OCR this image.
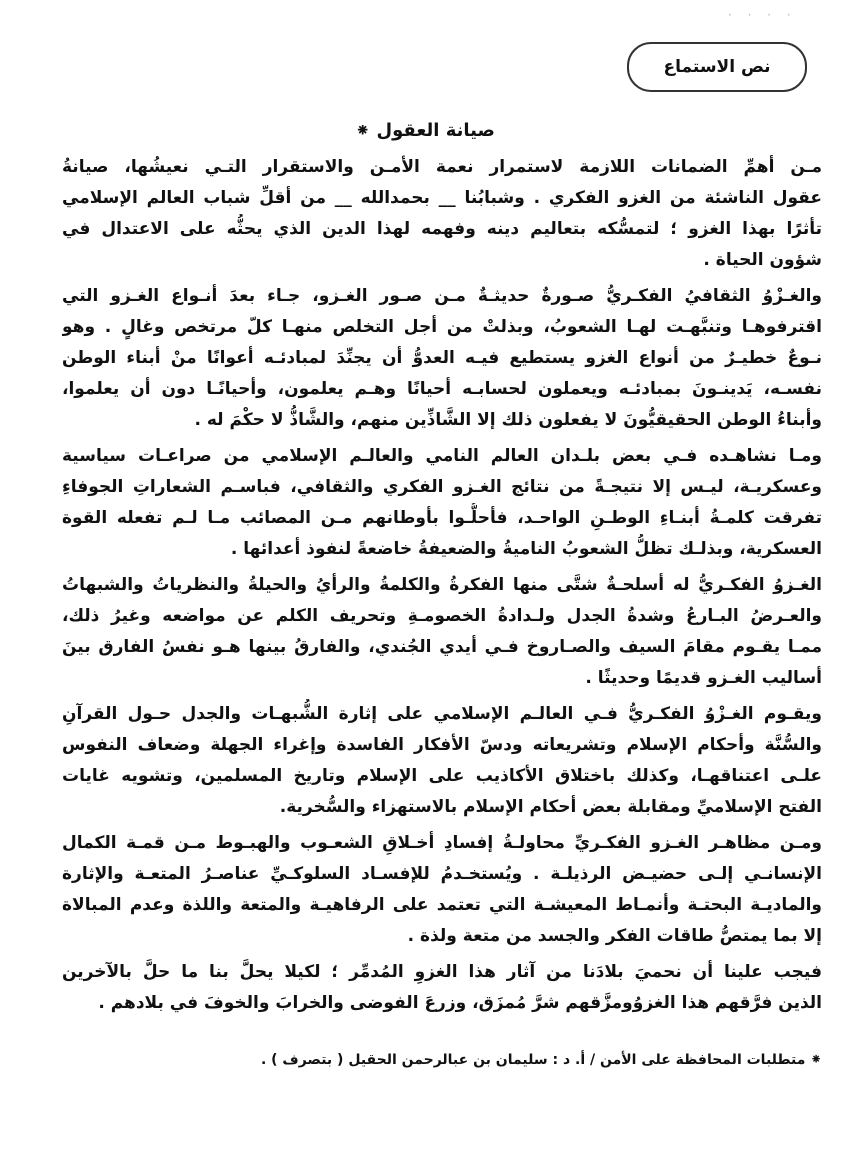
· · · ·
نص الاستماع
صيانة العقول ⁕
مـن أهمِّ الضمانات اللازمة لاستمرار نعمة الأمـن والاستقرار التـي نعيشُها، صيانةُ
عقول الناشئة من الغزو الفكري . وشبابُنا __ بحمدالله __ من أقلِّ شباب العالم الإسلامي
تأثرًا بهذا الغزو ؛ لتمسُّكه بتعاليم دينه وفهمه لهذا الدين الذي يحثُّه على الاعتدال في
شؤون الحياة .
والغـزْوُ الثقافيُ الفكـريُّ صـورةٌ حديثـةٌ مـن صـور الغـزو، جـاء بعدَ أنـواع الغـزو التي
اقترفوهـا وتنبَّهـت لهـا الشعوبُ، وبذلتْ من أجل التخلص منهـا كلّ مرتخص وغالٍ . وهو
نـوعٌ خطيـرٌ من أنواع الغزو يستطيع فيـه العدوُّ أن يجنِّدَ لمبادئـه أعوانًا منْ أبناء الوطن
نفسـه، يَدينـونَ بمبادئـه ويعملون لحسابـه أحيانًا وهـم يعلمون، وأحيانًـا دون أن يعلموا،
وأبناءُ الوطن الحقيقيُّونَ لا يفعلون ذلك إلا الشَّاذِّين منهم، والشَّاذُّ لا حكْمَ له .
ومـا نشاهـده فـي بعض بلـدان العالم النامي والعالـم الإسلامي من صراعـات سياسية
وعسكريـة، ليـس إلا نتيجـةً من نتائج الغـزو الفكري والثقافي، فباسـم الشعاراتِ الجوفاءِ
تفرقت كلمـةُ أبنـاءِ الوطـنِ الواحـد، فأحلُّـوا بأوطانهم مـن المصائب مـا لـم تفعله القوة
العسكرية، وبذلـك تظلُّ الشعوبُ الناميةُ والضعيفةُ خاضعةً لنفوذ أعدائها .
الغـزوُ الفكـريُّ له أسلحـةٌ شتَّى منها الفكرةُ والكلمةُ والرأيُ والحيلةُ والنظرياتُ والشبهاتُ
والعـرضُ البـارعُ وشدةُ الجدل ولـدادةُ الخصومـةِ وتحريف الكلم عن مواضعه وغيرُ ذلك،
ممـا يقـوم مقامَ السيف والصـاروخ فـي أيدي الجُندي، والفارقُ بينها هـو نفسُ الفارق بينَ
أساليب الغـزو قديمًا وحديثًا .
ويقـوم الغـزْوُ الفكـريُّ فـي العالـم الإسلامي على إثارة الشُّبهـات والجدل حـول القرآنِ
والسُّنَّة وأحكام الإسلام وتشريعاته ودسّ الأفكار الفاسدة وإغراء الجهلة وضعاف النفوس
علـى اعتناقهـا، وكذلك باختلاق الأكاذيب على الإسلام وتاريخ المسلمين، وتشويه غايات
الفتح الإسلاميِّ ومقابلة بعض أحكام الإسلام بالاستهزاء والسُّخرية.
ومـن مظاهـر الغـزو الفكـريِّ محاولـةُ إفسادِ أخـلاقِ الشعـوب والهبـوط مـن قمـة الكمال
الإنسانـي إلـى حضيـض الرذيلـة . ويُستخـدمُ للإفسـاد السلوكـيِّ عناصـرُ المتعـة والإثارة
والماديـة البحتـة وأنمـاط المعيشـة التي تعتمد على الرفاهيـة والمتعة واللذة وعدم المبالاة
إلا بما يمتصُّ طاقات الفكر والجسد من متعة ولذة .
فيجب علينا أن نحميَ بلادَنا من آثار هذا الغزوِ المُدمِّر ؛ لكيلا يحلَّ بنا ما حلَّ بالآخرين
الذين فرَّقهم هذا الغزوُومزَّقهم شرَّ مُمزَق، وزرعَ الفوضى والخرابَ والخوفَ في بلادهم .
⁕ متطلبات المحافظة على الأمن / أ. د : سليمان بن عبالرحمن الحقيل ( بتصرف ) .
